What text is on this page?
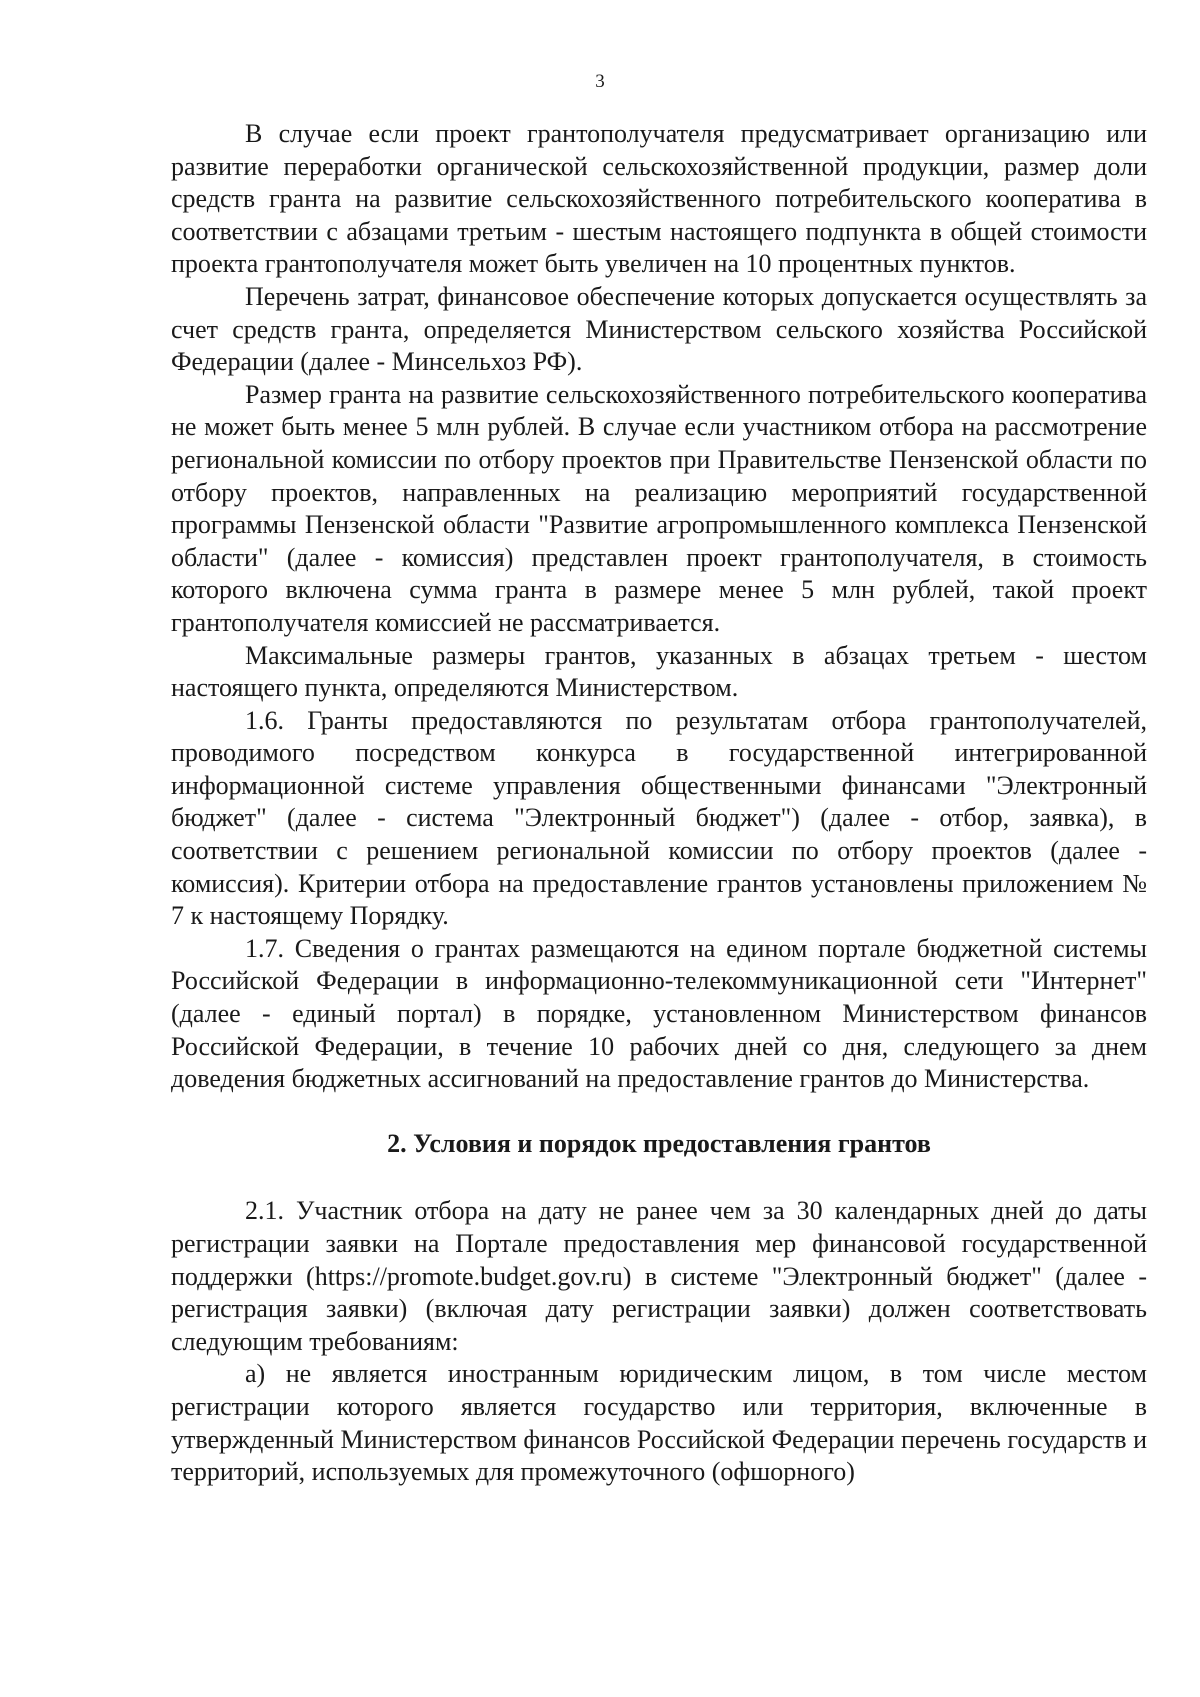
3

В случае если проект грантополучателя предусматривает организацию или развитие переработки органической сельскохозяйственной продукции, размер доли средств гранта на развитие сельскохозяйственного потребительского кооператива в соответствии с абзацами третьим - шестым настоящего подпункта в общей стоимости проекта грантополучателя может быть увеличен на 10 процентных пунктов.

Перечень затрат, финансовое обеспечение которых допускается осуществлять за счет средств гранта, определяется Министерством сельского хозяйства Российской Федерации (далее - Минсельхоз РФ).

Размер гранта на развитие сельскохозяйственного потребительского кооператива не может быть менее 5 млн рублей. В случае если участником отбора на рассмотрение региональной комиссии по отбору проектов при Правительстве Пензенской области по отбору проектов, направленных на реализацию мероприятий государственной программы Пензенской области "Развитие агропромышленного комплекса Пензенской области" (далее - комиссия) представлен проект грантополучателя, в стоимость которого включена сумма гранта в размере менее 5 млн рублей, такой проект грантополучателя комиссией не рассматривается.

Максимальные размеры грантов, указанных в абзацах третьем - шестом настоящего пункта, определяются Министерством.

1.6. Гранты предоставляются по результатам отбора грантополучателей, проводимого посредством конкурса в государственной интегрированной информационной системе управления общественными финансами "Электронный бюджет" (далее - система "Электронный бюджет") (далее - отбор, заявка), в соответствии с решением региональной комиссии по отбору проектов (далее - комиссия). Критерии отбора на предоставление грантов установлены приложением № 7 к настоящему Порядку.

1.7. Сведения о грантах размещаются на едином портале бюджетной системы Российской Федерации в информационно-телекоммуникационной сети "Интернет" (далее - единый портал) в порядке, установленном Министерством финансов Российской Федерации, в течение 10 рабочих дней со дня, следующего за днем доведения бюджетных ассигнований на предоставление грантов до Министерства.

2. Условия и порядок предоставления грантов

2.1. Участник отбора на дату не ранее чем за 30 календарных дней до даты регистрации заявки на Портале предоставления мер финансовой государственной поддержки (https://promote.budget.gov.ru) в системе "Электронный бюджет" (далее - регистрация заявки) (включая дату регистрации заявки) должен соответствовать следующим требованиям:

а) не является иностранным юридическим лицом, в том числе местом регистрации которого является государство или территория, включенные в утвержденный Министерством финансов Российской Федерации перечень государств и территорий, используемых для промежуточного (офшорного)
